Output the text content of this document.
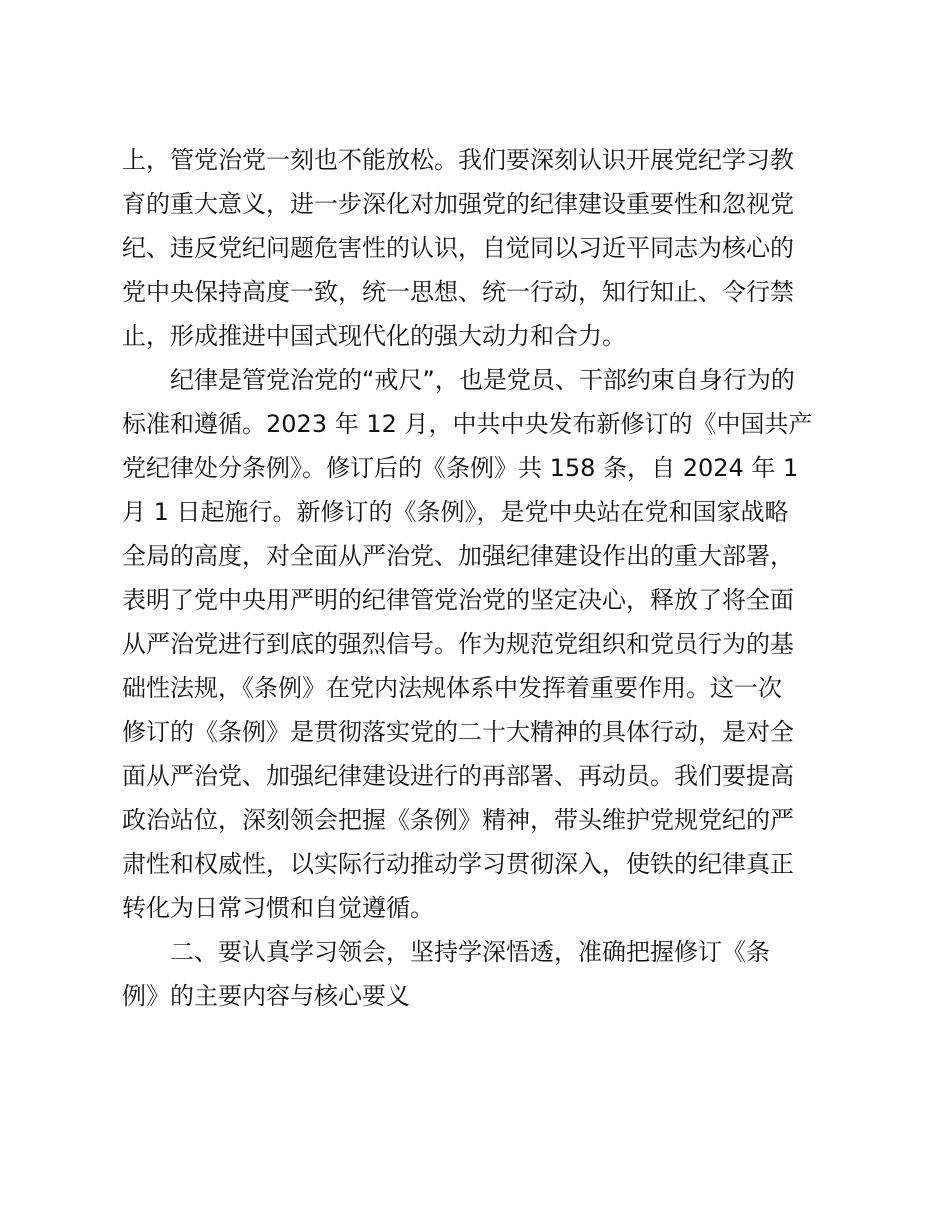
上，管党治党一刻也不能放松。我们要深刻认识开展党纪学习教
育的重大意义，进一步深化对加强党的纪律建设重要性和忽视党
纪、违反党纪问题危害性的认识，自觉同以习近平同志为核心的
党中央保持高度一致，统一思想、统一行动，知行知止、令行禁
止，形成推进中国式现代化的强大动力和合力。
纪律是管党治党的“戒尺”，也是党员、干部约束自身行为的
标准和遵循。2023 年 12 月，中共中央发布新修订的《中国共产
党纪律处分条例》。修订后的《条例》共 158 条，自 2024 年 1
月 1 日起施行。新修订的《条例》，是党中央站在党和国家战略
全局的高度，对全面从严治党、加强纪律建设作出的重大部署，
表明了党中央用严明的纪律管党治党的坚定决心，释放了将全面
从严治党进行到底的强烈信号。作为规范党组织和党员行为的基
础性法规，《条例》在党内法规体系中发挥着重要作用。这一次
修订的《条例》是贯彻落实党的二十大精神的具体行动，是对全
面从严治党、加强纪律建设进行的再部署、再动员。我们要提高
政治站位，深刻领会把握《条例》精神，带头维护党规党纪的严
肃性和权威性，以实际行动推动学习贯彻深入，使铁的纪律真正
转化为日常习惯和自觉遵循。
二、要认真学习领会，坚持学深悟透，准确把握修订《条
例》的主要内容与核心要义
